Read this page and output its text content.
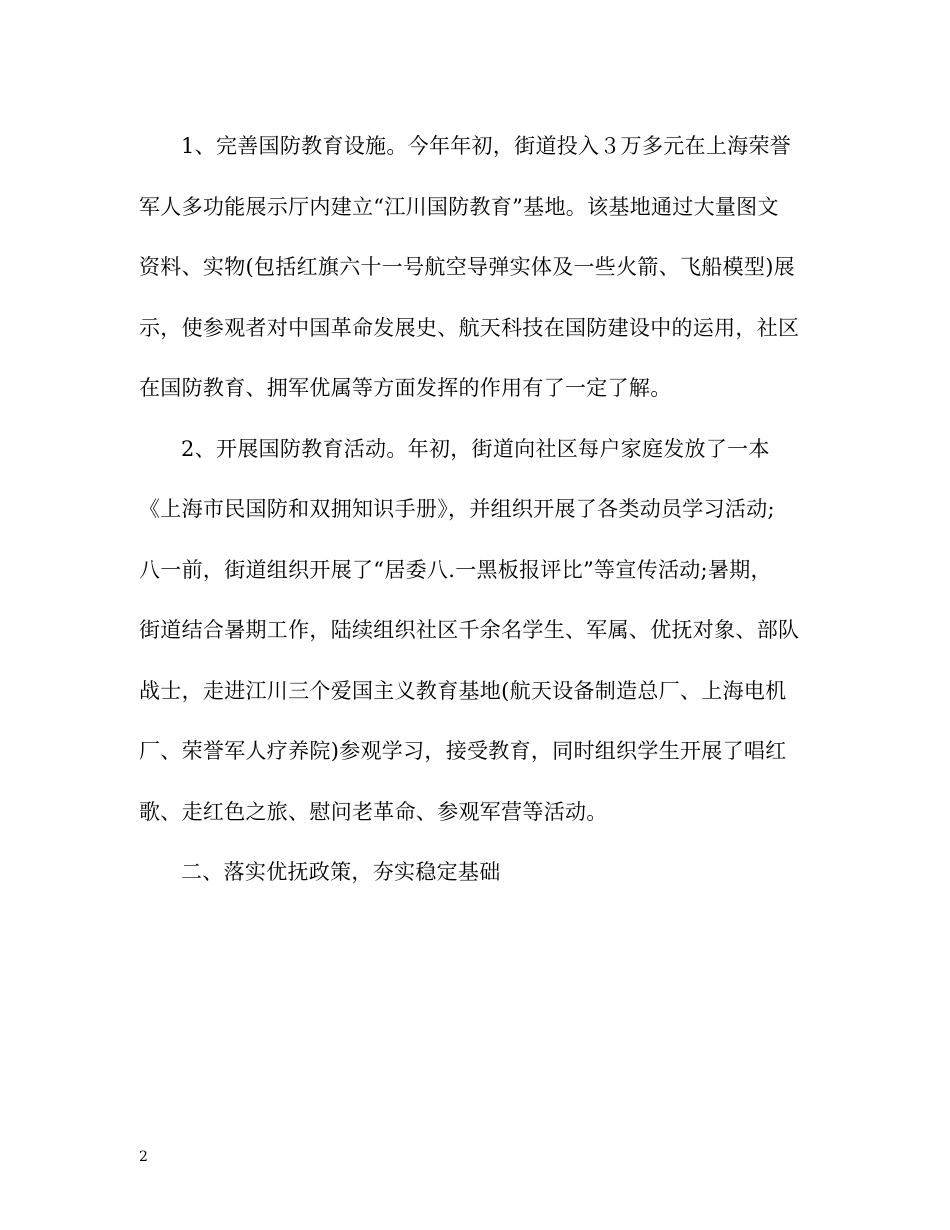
1、完善国防教育设施。今年年初，街道投入３万多元在上海荣誉
军人多功能展示厅内建立“江川国防教育”基地。该基地通过大量图文
资料、实物(包括红旗六十一号航空导弹实体及一些火箭、飞船模型)展
示，使参观者对中国革命发展史、航天科技在国防建设中的运用，社区
在国防教育、拥军优属等方面发挥的作用有了一定了解。
2、开展国防教育活动。年初，街道向社区每户家庭发放了一本
《上海市民国防和双拥知识手册》，并组织开展了各类动员学习活动;
八一前，街道组织开展了“居委八.一黑板报评比”等宣传活动;暑期，
街道结合暑期工作，陆续组织社区千余名学生、军属、优抚对象、部队
战士，走进江川三个爱国主义教育基地(航天设备制造总厂、上海电机
厂、荣誉军人疗养院)参观学习，接受教育，同时组织学生开展了唱红
歌、走红色之旅、慰问老革命、参观军营等活动。
二、落实优抚政策，夯实稳定基础
2
